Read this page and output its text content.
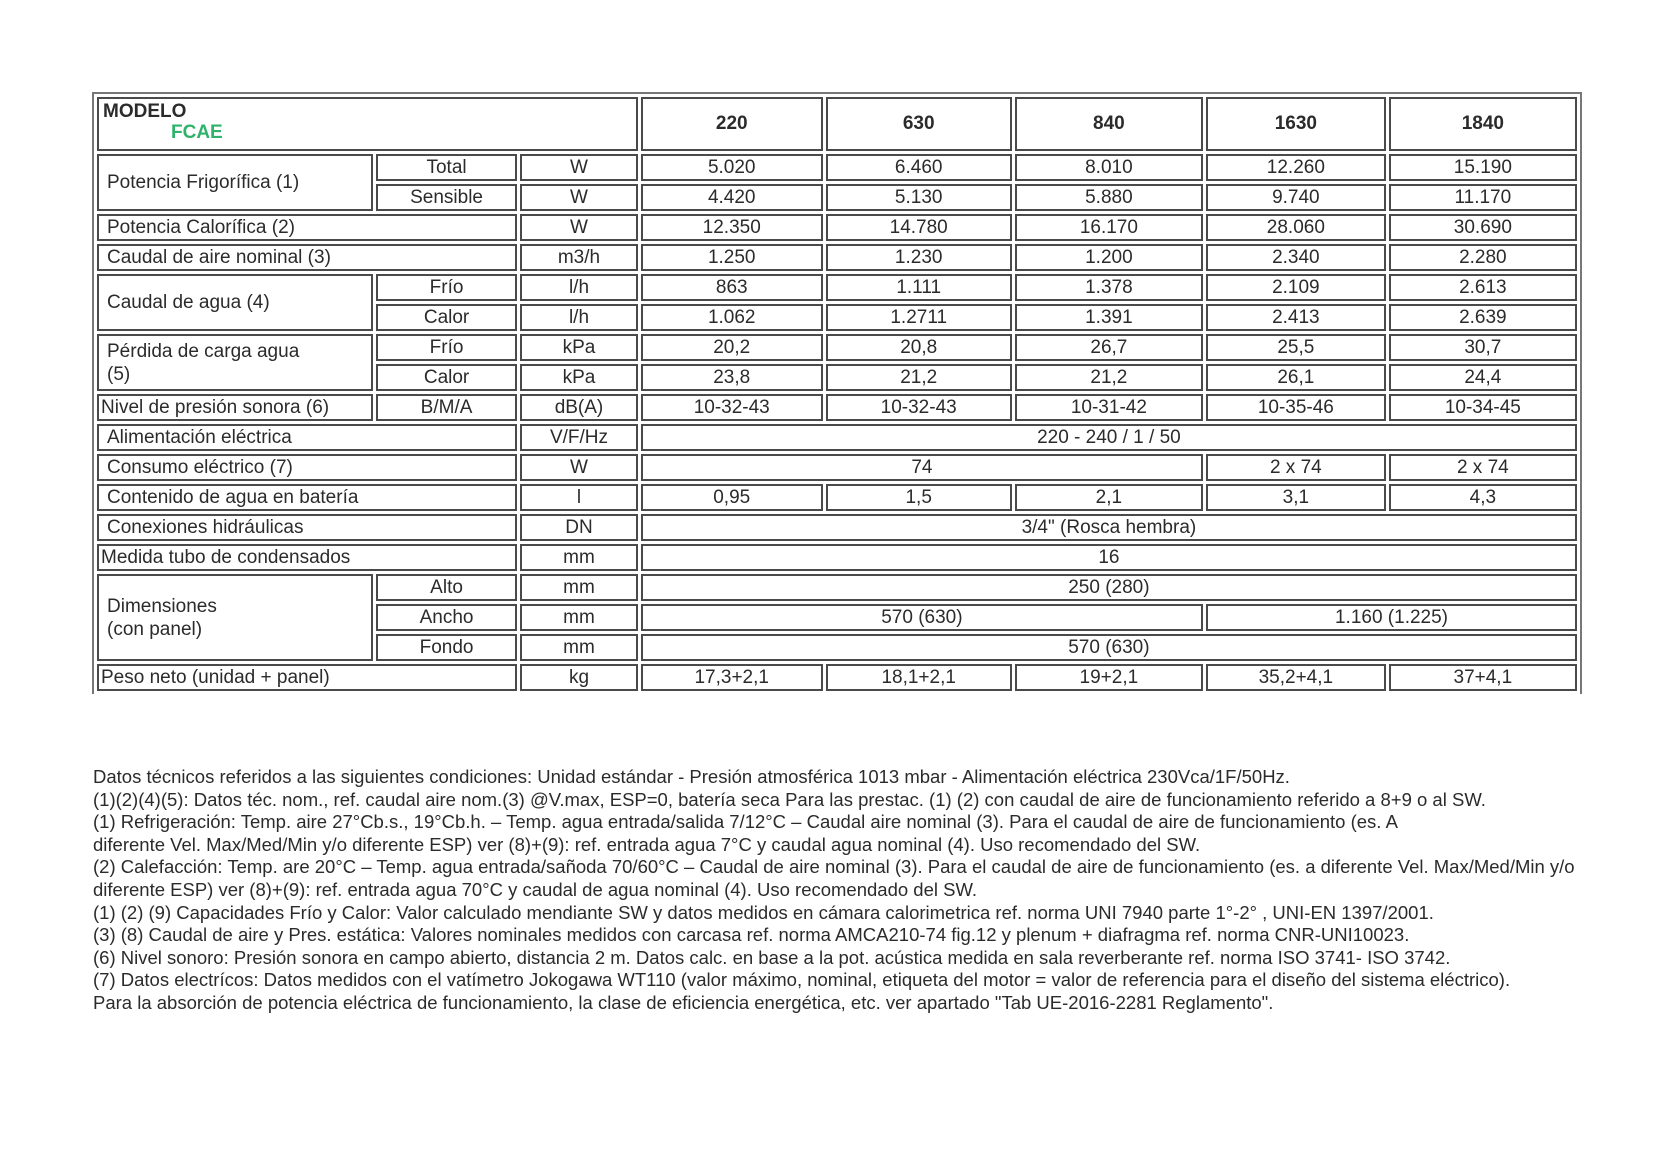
MODELO
FCAE			220	630	840	1630	1840
Potencia Frigorífica (1)	Total	W	5.020	6.460	8.010	12.260	15.190
	Sensible	W	4.420	5.130	5.880	9.740	11.170
Potencia Calorífica (2)		W	12.350	14.780	16.170	28.060	30.690
Caudal de aire nominal (3)		m3/h	1.250	1.230	1.200	2.340	2.280
Caudal de agua (4)	Frío	l/h	863	1.111	1.378	2.109	2.613
	Calor	l/h	1.062	1.2711	1.391	2.413	2.639
Pérdida de carga agua
(5)	Frío	kPa	20,2	20,8	26,7	25,5	30,7
	Calor	kPa	23,8	21,2	21,2	26,1	24,4
Nivel de presión sonora (6)	B/M/A	dB(A)	10-32-43	10-32-43	10-31-42	10-35-46	10-34-45
Alimentación eléctrica		V/F/Hz	220 - 240 / 1 / 50				
Consumo eléctrico (7)		W	74			2 x 74	2 x 74
Contenido de agua en batería		l	0,95	1,5	2,1	3,1	4,3
Conexiones hidráulicas		DN	3/4" (Rosca hembra)				
Medida tubo de condensados		mm	16				
Dimensiones
(con panel)	Alto	mm	250 (280)				
	Ancho	mm	570 (630)			1.160 (1.225)	
	Fondo	mm	570 (630)				
Peso neto (unidad + panel)		kg	17,3+2,1	18,1+2,1	19+2,1	35,2+4,1	37+4,1

Datos técnicos referidos a las siguientes condiciones: Unidad estándar - Presión atmosférica 1013 mbar - Alimentación eléctrica 230Vca/1F/50Hz.

(1)(2)(4)(5): Datos téc. nom., ref. caudal aire nom.(3) @V.max, ESP=0, batería seca Para las prestac. (1) (2) con caudal de aire de funcionamiento referido a 8+9 o al SW.

(1) Refrigeración: Temp. aire 27°Cb.s., 19°Cb.h. – Temp. agua entrada/salida 7/12°C – Caudal aire nominal (3). Para el caudal de aire de funcionamiento (es. A

diferente Vel. Max/Med/Min y/o diferente ESP) ver (8)+(9): ref. entrada agua 7°C y caudal agua nominal (4). Uso recomendado del SW.

(2) Calefacción: Temp. are 20°C – Temp. agua entrada/sañoda 70/60°C – Caudal de aire nominal (3). Para el caudal de aire de funcionamiento (es. a diferente Vel. Max/Med/Min y/o

diferente ESP) ver (8)+(9): ref. entrada agua 70°C y caudal de agua nominal (4). Uso recomendado del SW.

(1) (2) (9) Capacidades Frío y Calor: Valor calculado mendiante SW y datos medidos en cámara calorimetrica ref. norma UNI 7940 parte 1°-2° , UNI-EN 1397/2001.

(3) (8) Caudal de aire y Pres. estática: Valores nominales medidos con carcasa ref. norma AMCA210-74 fig.12 y plenum + diafragma ref. norma CNR-UNI10023.

(6) Nivel sonoro: Presión sonora en campo abierto, distancia 2 m. Datos calc. en base a la pot. acústica medida en sala reverberante ref. norma ISO 3741- ISO 3742.

(7) Datos electrícos: Datos medidos con el vatímetro Jokogawa WT110 (valor máximo, nominal, etiqueta del motor = valor de referencia para el diseño del sistema eléctrico).

Para la absorción de potencia eléctrica de funcionamiento, la clase de eficiencia energética, etc. ver apartado "Tab UE-2016-2281 Reglamento".
